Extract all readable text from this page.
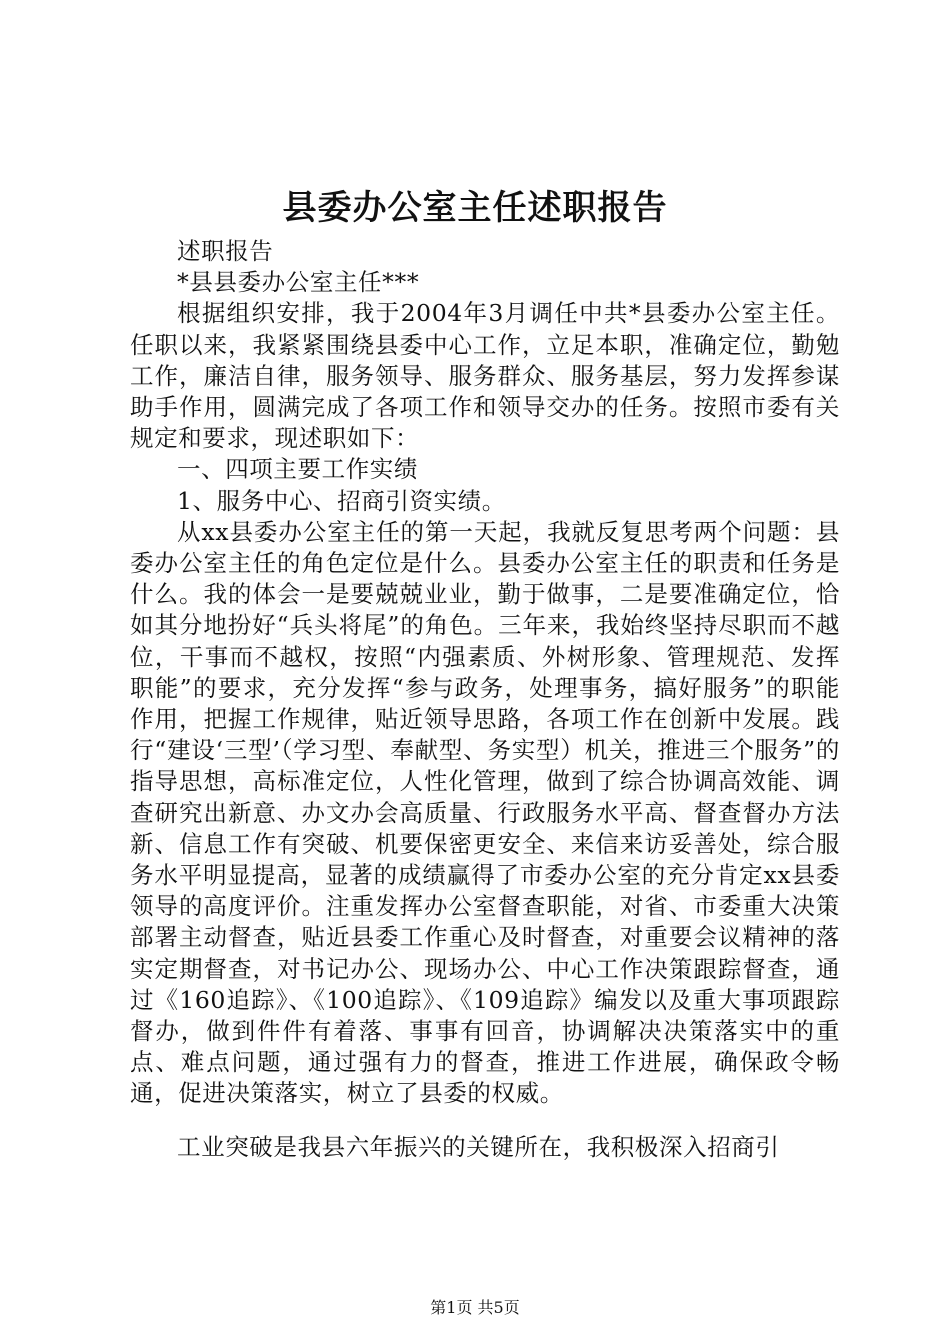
县委办公室主任述职报告

述职报告

*县县委办公室主任***

根据组织安排，我于2004年3月调任中共*县委办公室主任。任职以来，我紧紧围绕县委中心工作，立足本职，准确定位，勤勉工作，廉洁自律，服务领导、服务群众、服务基层，努力发挥参谋助手作用，圆满完成了各项工作和领导交办的任务。按照市委有关规定和要求，现述职如下：

一、四项主要工作实绩

1、服务中心、招商引资实绩。

从xx县委办公室主任的第一天起，我就反复思考两个问题：县委办公室主任的角色定位是什么。县委办公室主任的职责和任务是什么。我的体会一是要兢兢业业，勤于做事，二是要准确定位，恰如其分地扮好“兵头将尾”的角色。三年来，我始终坚持尽职而不越位，干事而不越权，按照“内强素质、外树形象、管理规范、发挥职能”的要求，充分发挥“参与政务，处理事务，搞好服务”的职能作用，把握工作规律，贴近领导思路，各项工作在创新中发展。践行“建设‘三型’（学习型、奉献型、务实型）机关，推进三个服务”的指导思想，高标准定位，人性化管理，做到了综合协调高效能、调查研究出新意、办文办会高质量、行政服务水平高、督查督办方法新、信息工作有突破、机要保密更安全、来信来访妥善处，综合服务水平明显提高，显著的成绩赢得了市委办公室的充分肯定xx县委领导的高度评价。注重发挥办公室督查职能，对省、市委重大决策部署主动督查，贴近县委工作重心及时督查，对重要会议精神的落实定期督查，对书记办公、现场办公、中心工作决策跟踪督查，通过《160追踪》、《100追踪》、《109追踪》编发以及重大事项跟踪督办，做到件件有着落、事事有回音，协调解决决策落实中的重点、难点问题，通过强有力的督查，推进工作进展，确保政令畅通，促进决策落实，树立了县委的权威。

工业突破是我县六年振兴的关键所在，我积极深入招商引

第1页 共5页
